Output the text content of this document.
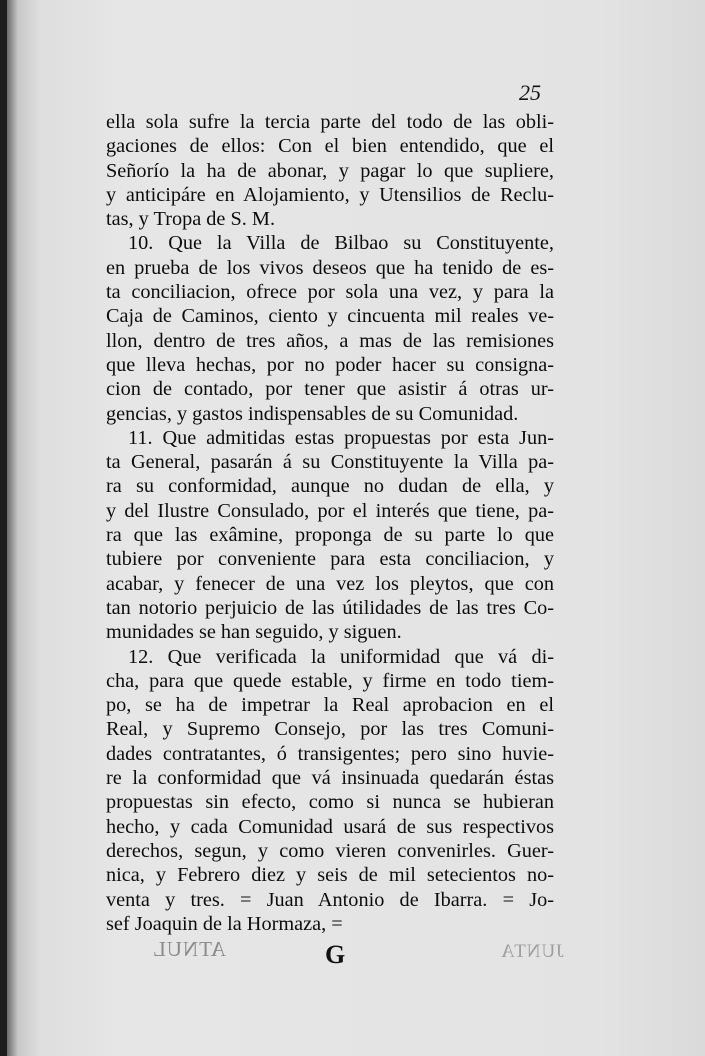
25
ella sola sufre la tercia parte del todo de las obli-
gaciones de ellos: Con el bien entendido, que el
Señorío la ha de abonar, y pagar lo que supliere,
y anticipáre en Alojamiento, y Utensilios de Reclu-
tas, y Tropa de S. M.
10. Que la Villa de Bilbao su Constituyente,
en prueba de los vivos deseos que ha tenido de es-
ta conciliacion, ofrece por sola una vez, y para la
Caja de Caminos, ciento y cincuenta mil reales ve-
llon, dentro de tres años, a mas de las remisiones
que lleva hechas, por no poder hacer su consigna-
cion de contado, por tener que asistir á otras ur-
gencias, y gastos indispensables de su Comunidad.
11. Que admitidas estas propuestas por esta Jun-
ta General, pasarán á su Constituyente la Villa pa-
ra su conformidad, aunque no dudan de ella, y
y del Ilustre Consulado, por el interés que tiene, pa-
ra que las exâmine, proponga de su parte lo que
tubiere por conveniente para esta conciliacion, y
acabar, y fenecer de una vez los pleytos, que con
tan notorio perjuicio de las útilidades de las tres Co-
munidades se han seguido, y siguen.
12. Que verificada la uniformidad que vá di-
cha, para que quede estable, y firme en todo tiem-
po, se ha de impetrar la Real aprobacion en el
Real, y Supremo Consejo, por las tres Comuni-
dades contratantes, ó transigentes; pero sino huvie-
re la conformidad que vá insinuada quedarán éstas
propuestas sin efecto, como si nunca se hubieran
hecho, y cada Comunidad usará de sus respectivos
derechos, segun, y como vieren convenirles. Guer-
nica, y Febrero diez y seis de mil setecientos no-
venta y tres. = Juan Antonio de Ibarra. = Jo-
sef Joaquin de la Hormaza, =
ATNUL	JUNTA
G
